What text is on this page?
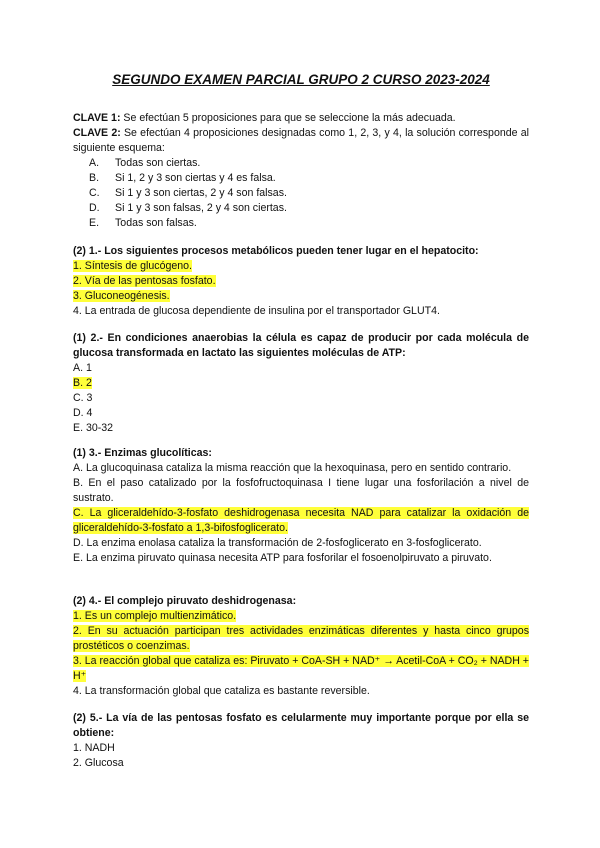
SEGUNDO EXAMEN PARCIAL GRUPO 2 CURSO 2023-2024
CLAVE 1: Se efectúan 5 proposiciones para que se seleccione la más adecuada.
CLAVE 2: Se efectúan 4 proposiciones designadas como 1, 2, 3, y 4, la solución corresponde al siguiente esquema:
A. Todas son ciertas.
B. Si 1, 2 y 3 son ciertas y 4 es falsa.
C. Si 1 y 3 son ciertas, 2 y 4 son falsas.
D. Si 1 y 3 son falsas, 2 y 4 son ciertas.
E. Todas son falsas.
(2) 1.- Los siguientes procesos metabólicos pueden tener lugar en el hepatocito:
1. Síntesis de glucógeno.
2. Vía de las pentosas fosfato.
3. Gluconeogénesis.
4. La entrada de glucosa dependiente de insulina por el transportador GLUT4.
(1) 2.- En condiciones anaerobias la célula es capaz de producir por cada molécula de glucosa transformada en lactato las siguientes moléculas de ATP:
A. 1
B. 2
C. 3
D. 4
E. 30-32
(1) 3.- Enzimas glucolíticas:
A. La glucoquinasa cataliza la misma reacción que la hexoquinasa, pero en sentido contrario.
B. En el paso catalizado por la fosfofructoquinasa I tiene lugar una fosforilación a nivel de sustrato.
C. La gliceraldehído-3-fosfato deshidrogenasa necesita NAD para catalizar la oxidación de gliceraldehído-3-fosfato a 1,3-bifosfoglicerato.
D. La enzima enolasa cataliza la transformación de 2-fosfoglicerato en 3-fosfoglicerato.
E. La enzima piruvato quinasa necesita ATP para fosforilar el fosoenolpiruvato a piruvato.
(2) 4.- El complejo piruvato deshidrogenasa:
1. Es un complejo multienzimático.
2. En su actuación participan tres actividades enzimáticas diferentes y hasta cinco grupos prostéticos o coenzimas.
3. La reacción global que cataliza es: Piruvato + CoA-SH + NAD⁺ → Acetil-CoA + CO₂ + NADH + H⁺
4. La transformación global que cataliza es bastante reversible.
(2) 5.- La vía de las pentosas fosfato es celularmente muy importante porque por ella se obtiene:
1. NADH
2. Glucosa
